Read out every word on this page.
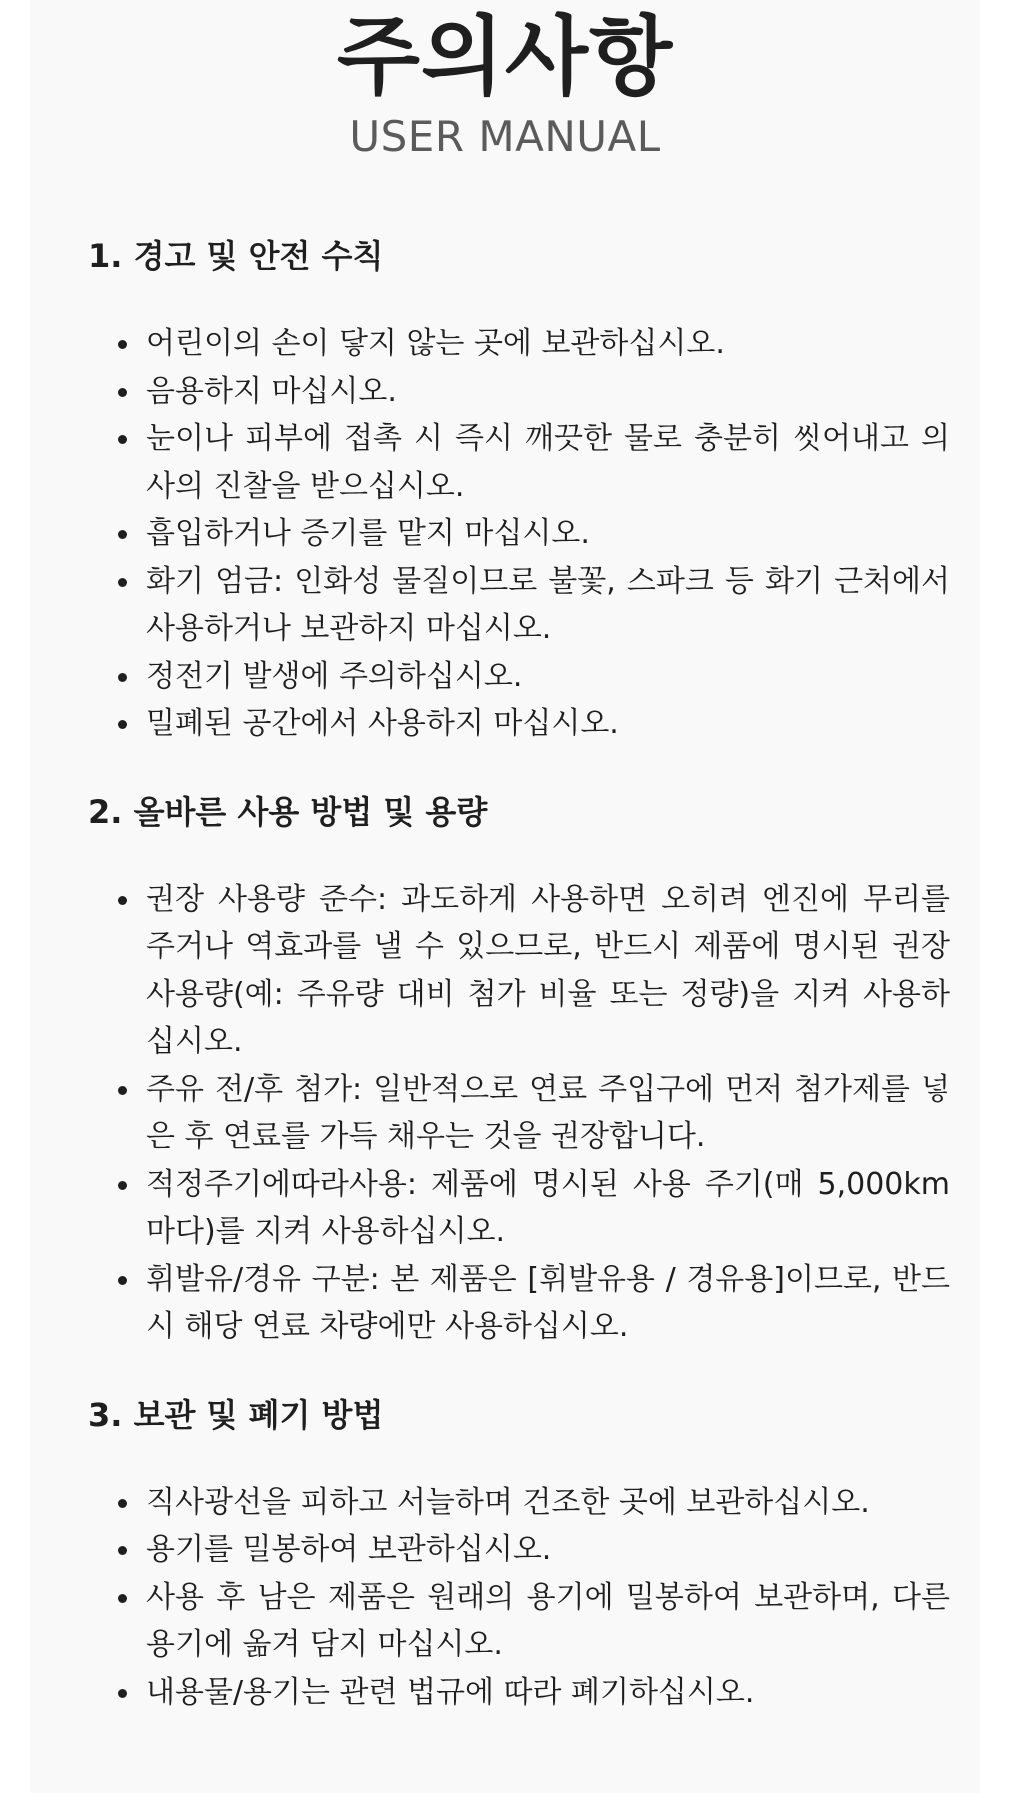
주의사항
USER MANUAL
1. 경고 및 안전 수칙
어린이의 손이 닿지 않는 곳에 보관하십시오.
음용하지 마십시오.
눈이나 피부에 접촉 시 즉시 깨끗한 물로 충분히 씻어내고 의사의 진찰을 받으십시오.
흡입하거나 증기를 맡지 마십시오.
화기 엄금: 인화성 물질이므로 불꽃, 스파크 등 화기 근처에서 사용하거나 보관하지 마십시오.
정전기 발생에 주의하십시오.
밀폐된 공간에서 사용하지 마십시오.
2. 올바른 사용 방법 및 용량
권장 사용량 준수: 과도하게 사용하면 오히려 엔진에 무리를 주거나 역효과를 낼 수 있으므로, 반드시 제품에 명시된 권장 사용량(예: 주유량 대비 첨가 비율 또는 정량)을 지켜 사용하십시오.
주유 전/후 첨가: 일반적으로 연료 주입구에 먼저 첨가제를 넣은 후 연료를 가득 채우는 것을 권장합니다.
적정주기에따라사용: 제품에 명시된 사용 주기(매 5,000km마다)를 지켜 사용하십시오.
휘발유/경유 구분: 본 제품은 [휘발유용 / 경유용]이므로, 반드시 해당 연료 차량에만 사용하십시오.
3. 보관 및 폐기 방법
직사광선을 피하고 서늘하며 건조한 곳에 보관하십시오.
용기를 밀봉하여 보관하십시오.
사용 후 남은 제품은 원래의 용기에 밀봉하여 보관하며, 다른 용기에 옮겨 담지 마십시오.
내용물/용기는 관련 법규에 따라 폐기하십시오.
